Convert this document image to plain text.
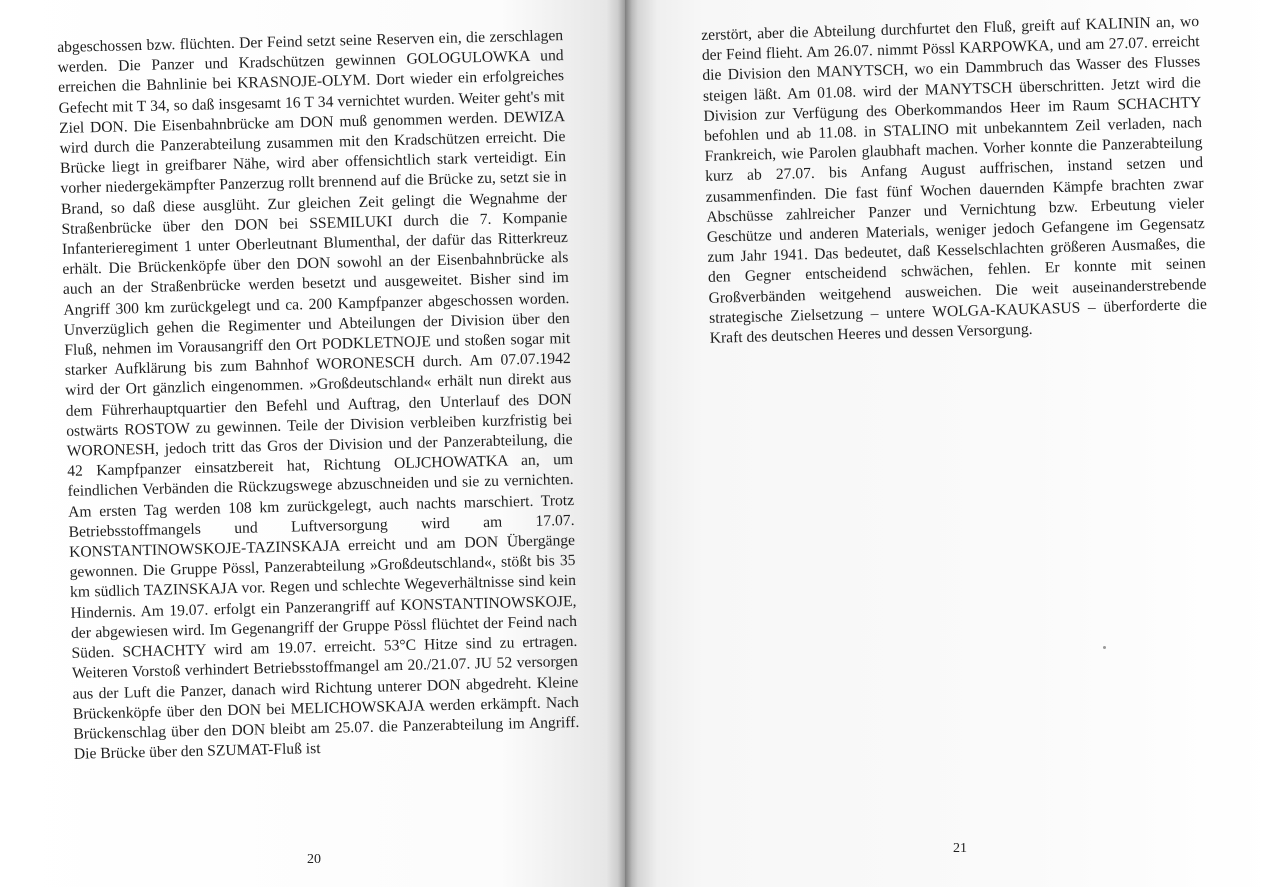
abgeschossen bzw. flüchten. Der Feind setzt seine Reserven ein, die zerschlagen werden. Die Panzer und Kradschützen gewinnen GOLOGULOWKA und erreichen die Bahnlinie bei KRASNOJE-OLYM. Dort wieder ein erfolgreiches Gefecht mit T 34, so daß insgesamt 16 T 34 vernichtet wurden. Weiter geht's mit Ziel DON. Die Eisenbahnbrücke am DON muß genommen werden. DEWIZA wird durch die Panzerabteilung zusammen mit den Kradschützen erreicht. Die Brücke liegt in greifbarer Nähe, wird aber offensichtlich stark verteidigt. Ein vorher niedergekämpfter Panzerzug rollt brennend auf die Brücke zu, setzt sie in Brand, so daß diese ausglüht. Zur gleichen Zeit gelingt die Wegnahme der Straßenbrücke über den DON bei SSEMILUKI durch die 7. Kompanie Infanterieregiment 1 unter Oberleutnant Blumenthal, der dafür das Ritterkreuz erhält. Die Brückenköpfe über den DON sowohl an der Eisenbahnbrücke als auch an der Straßenbrücke werden besetzt und ausgeweitet. Bisher sind im Angriff 300 km zurückgelegt und ca. 200 Kampfpanzer abgeschossen worden. Unverzüglich gehen die Regimenter und Abteilungen der Division über den Fluß, nehmen im Vorausangriff den Ort PODKLETNOJE und stoßen sogar mit starker Aufklärung bis zum Bahnhof WORONESCH durch. Am 07.07.1942 wird der Ort gänzlich eingenommen. »Großdeutschland« erhält nun direkt aus dem Führerhauptquartier den Befehl und Auftrag, den Unterlauf des DON ostwärts ROSTOW zu gewinnen. Teile der Division verbleiben kurzfristig bei WORONESH, jedoch tritt das Gros der Division und der Panzerabteilung, die 42 Kampfpanzer einsatzbereit hat, Richtung OLJCHOWATKA an, um feindlichen Verbänden die Rückzugswege abzuschneiden und sie zu vernichten. Am ersten Tag werden 108 km zurückgelegt, auch nachts marschiert. Trotz Betriebsstoffmangels und Luftversorgung wird am 17.07. KONSTANTINOWSKOJE-TAZINSKAJA erreicht und am DON Übergänge gewonnen. Die Gruppe Pössl, Panzerabteilung »Großdeutschland«, stößt bis 35 km südlich TAZINSKAJA vor. Regen und schlechte Wegeverhältnisse sind kein Hindernis. Am 19.07. erfolgt ein Panzerangriff auf KONSTANTINOWSKOJE, der abgewiesen wird. Im Gegenangriff der Gruppe Pössl flüchtet der Feind nach Süden. SCHACHTY wird am 19.07. erreicht. 53°C Hitze sind zu ertragen. Weiteren Vorstoß verhindert Betriebsstoffmangel am 20./21.07. JU 52 versorgen aus der Luft die Panzer, danach wird Richtung unterer DON abgedreht. Kleine Brückenköpfe über den DON bei MELICHOWSKAJA werden erkämpft. Nach Brückenschlag über den DON bleibt am 25.07. die Panzerabteilung im Angriff. Die Brücke über den SZUMAT-Fluß ist

20

zerstört, aber die Abteilung durchfurtet den Fluß, greift auf KALININ an, wo der Feind flieht. Am 26.07. nimmt Pössl KARPOWKA, und am 27.07. erreicht die Division den MANYTSCH, wo ein Dammbruch das Wasser des Flusses steigen läßt. Am 01.08. wird der MANYTSCH überschritten. Jetzt wird die Division zur Verfügung des Oberkommandos Heer im Raum SCHACHTY befohlen und ab 11.08. in STALINO mit unbekanntem Zeil verladen, nach Frankreich, wie Parolen glaubhaft machen. Vorher konnte die Panzerabteilung kurz ab 27.07. bis Anfang August auffrischen, instand setzen und zusammenfinden. Die fast fünf Wochen dauernden Kämpfe brachten zwar Abschüsse zahlreicher Panzer und Vernichtung bzw. Erbeutung vieler Geschütze und anderen Materials, weniger jedoch Gefangene im Gegensatz zum Jahr 1941. Das bedeutet, daß Kesselschlachten größeren Ausmaßes, die den Gegner entscheidend schwächen, fehlen. Er konnte mit seinen Großverbänden weitgehend ausweichen. Die weit auseinanderstrebende strategische Zielsetzung – untere WOLGA-KAUKASUS – überforderte die Kraft des deutschen Heeres und dessen Versorgung.

21
